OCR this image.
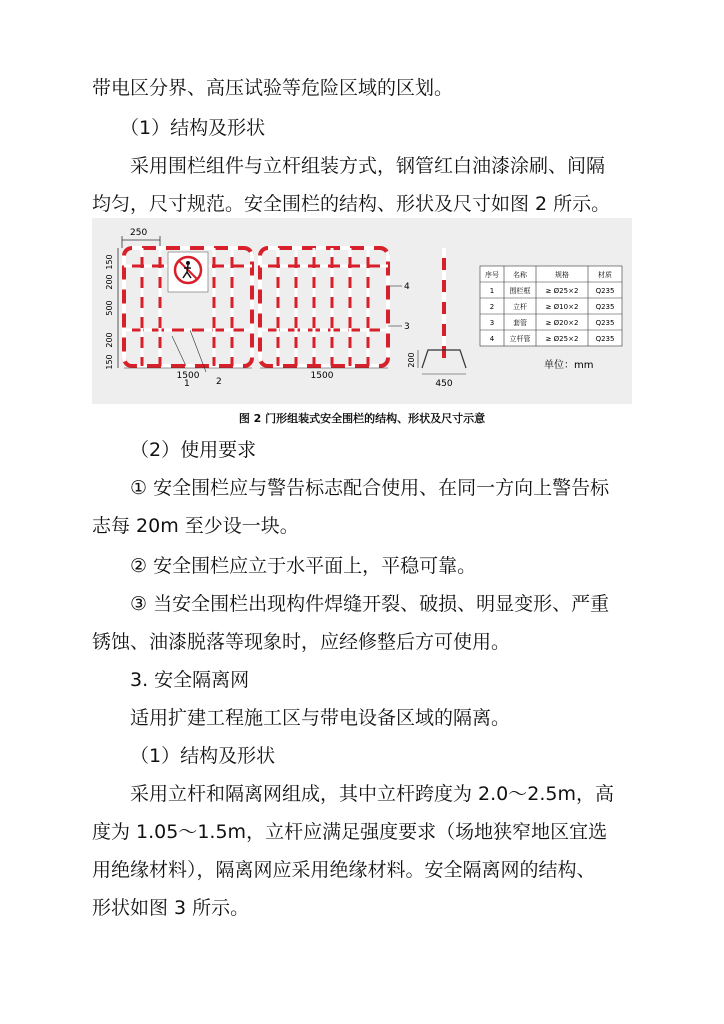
带电区分界、高压试验等危险区域的区划。
（1）结构及形状
采用围栏组件与立杆组装方式，钢管红白油漆涂刷、间隔
均匀，尺寸规范。安全围栏的结构、形状及尺寸如图 2 所示。
250
150
200
500
200
150
1	2
3
4
1500	1500
200
450
序号 名称	规格	材质
1 围栏框 ≥ Ø25×2 Q235
2	立杆	≥ Ø10×2 Q235
3	套管	≥ Ø20×2 Q235
4 立杆管 ≥ Ø25×2 Q235
单位：mm
图 2 门形组装式安全围栏的结构、形状及尺寸示意
（2）使用要求
① 安全围栏应与警告标志配合使用、在同一方向上警告标
志每 20m 至少设一块。
② 安全围栏应立于水平面上，平稳可靠。
③ 当安全围栏出现构件焊缝开裂、破损、明显变形、严重
锈蚀、油漆脱落等现象时，应经修整后方可使用。
3. 安全隔离网
适用扩建工程施工区与带电设备区域的隔离。
（1）结构及形状
采用立杆和隔离网组成，其中立杆跨度为 2.0～2.5m，高
度为 1.05～1.5m，立杆应满足强度要求（场地狭窄地区宜选
用绝缘材料），隔离网应采用绝缘材料。安全隔离网的结构、
形状如图 3 所示。
